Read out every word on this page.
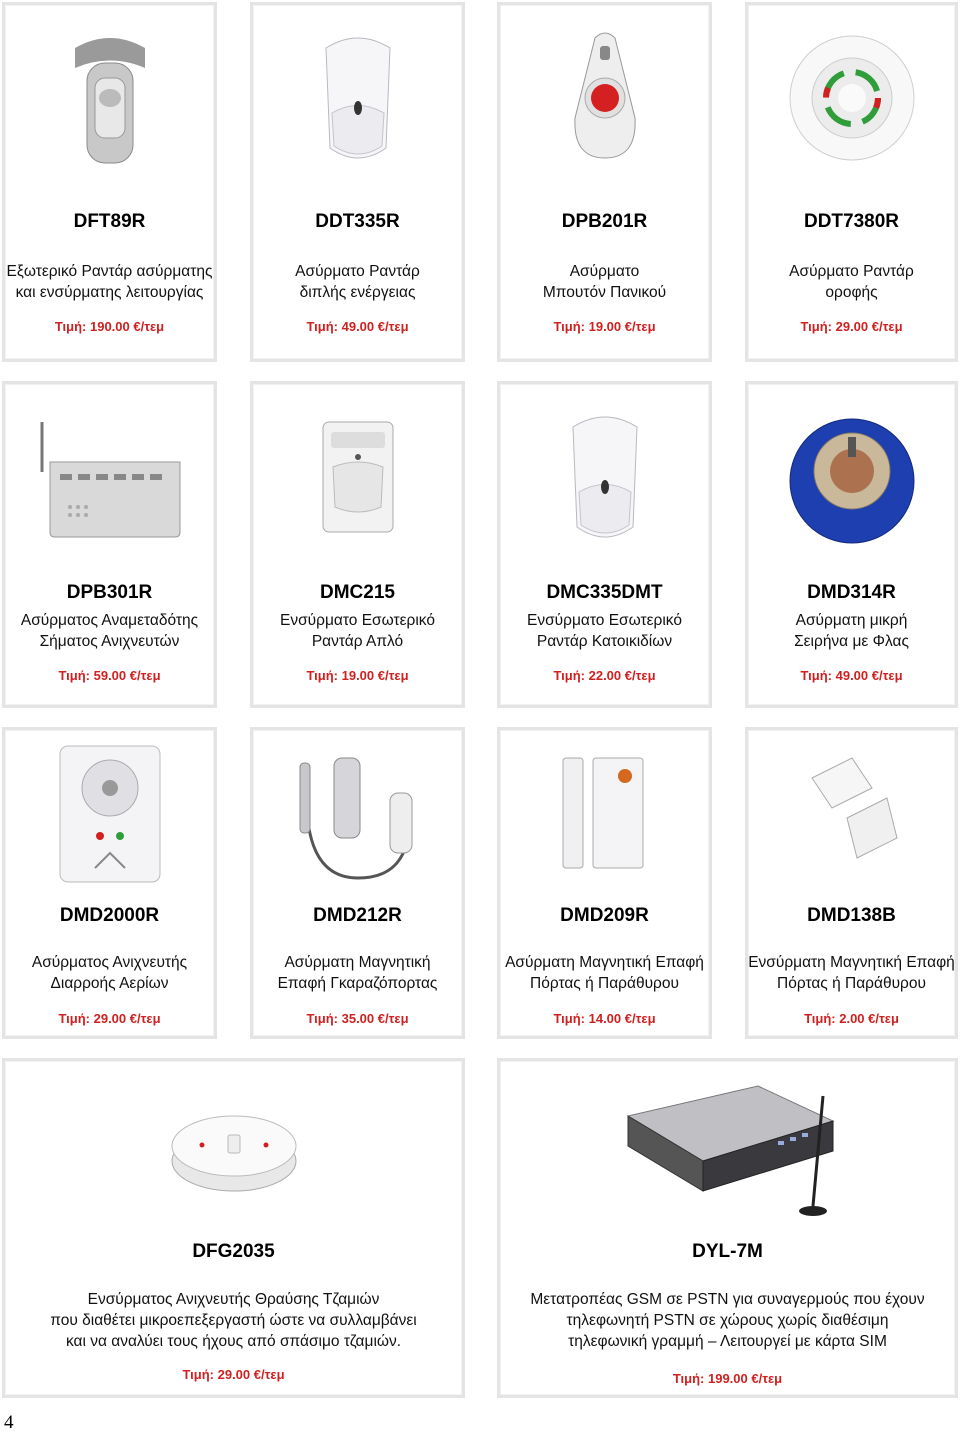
DFT89R
Εξωτερικό Ραντάρ ασύρματης
και ενσύρματης λειτουργίας
Τιμή: 190.00 €/τεμ
DDT335R
Ασύρματο Ραντάρ
διπλής ενέργειας
Τιμή: 49.00 €/τεμ
DPB201R
Ασύρματο
Μπουτόν Πανικού
Τιμή: 19.00 €/τεμ
DDT7380R
Ασύρματο Ραντάρ
οροφής
Τιμή: 29.00 €/τεμ
DPB301R
Ασύρματος Αναμεταδότης
Σήματος Ανιχνευτών
Τιμή: 59.00 €/τεμ
DMC215
Ενσύρματο Εσωτερικό
Ραντάρ Απλό
Τιμή: 19.00 €/τεμ
DMC335DMT
Ενσύρματο Εσωτερικό
Ραντάρ Κατοικιδίων
Τιμή: 22.00 €/τεμ
DMD314R
Ασύρματη μικρή
Σειρήνα με Φλας
Τιμή: 49.00 €/τεμ
DMD2000R
Ασύρματος Ανιχνευτής
Διαρροής Αερίων
Τιμή: 29.00 €/τεμ
DMD212R
Ασύρματη Μαγνητική
Επαφή Γκαραζόπορτας
Τιμή: 35.00 €/τεμ
DMD209R
Ασύρματη Μαγνητική Επαφή
Πόρτας ή Παράθυρου
Τιμή: 14.00 €/τεμ
DMD138B
Ενσύρματη Μαγνητική Επαφή
Πόρτας ή Παράθυρου
Τιμή: 2.00 €/τεμ
DFG2035
Ενσύρματος Ανιχνευτής Θραύσης Τζαμιών
που διαθέτει μικροεπεξεργαστή ώστε να συλλαμβάνει
και να αναλύει τους ήχους από σπάσιμο τζαμιών.
Τιμή: 29.00 €/τεμ
DYL-7M
Μετατροπέας GSM σε PSTN για συναγερμούς που έχουν
τηλεφωνητή PSTN σε χώρους χωρίς διαθέσιμη
τηλεφωνική γραμμή – Λειτουργεί με κάρτα SIM
Τιμή: 199.00 €/τεμ
4
